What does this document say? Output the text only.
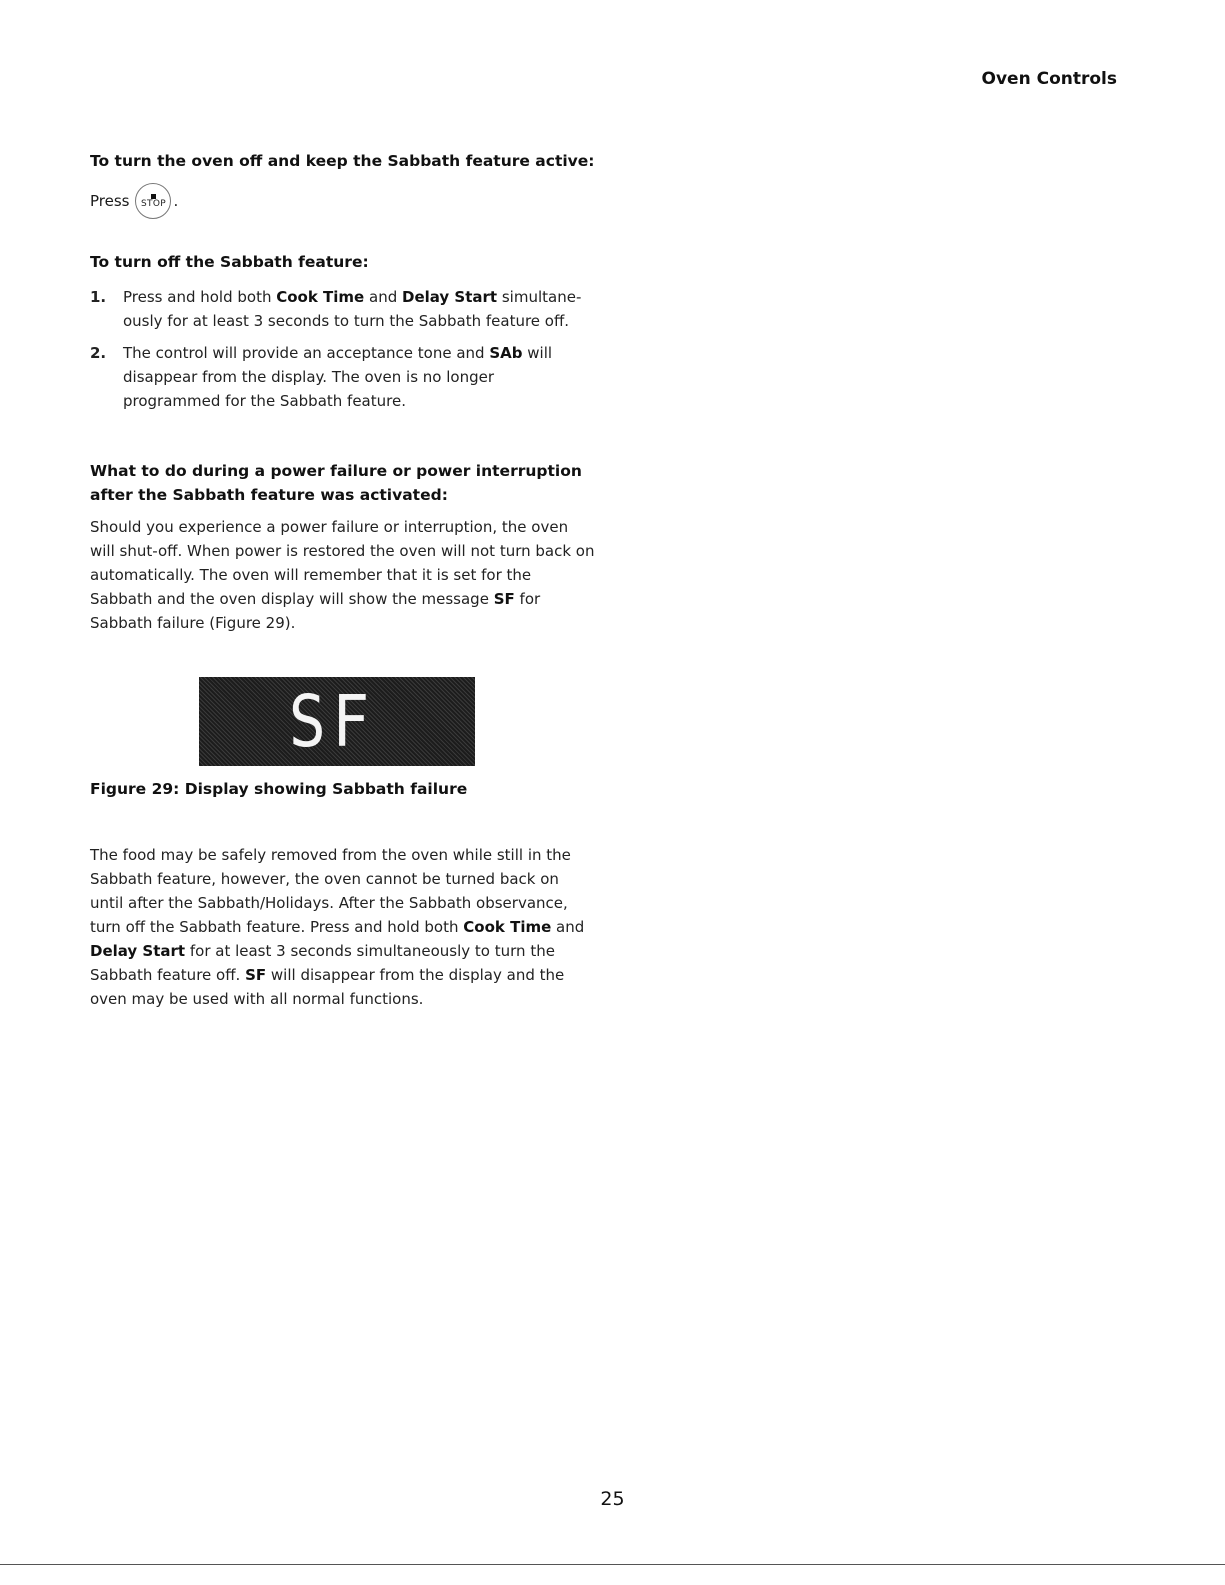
Oven Controls
To turn the oven off and keep the Sabbath feature active:
Press STOP .
To turn off the Sabbath feature:
1. Press and hold both Cook Time and Delay Start simultane-ously for at least 3 seconds to turn the Sabbath feature off.
2. The control will provide an acceptance tone and SAb will disappear from the display. The oven is no longer programmed for the Sabbath feature.
What to do during a power failure or power interruption after the Sabbath feature was activated:
Should you experience a power failure or interruption, the oven will shut-off. When power is restored the oven will not turn back on automatically. The oven will remember that it is set for the Sabbath and the oven display will show the message SF for Sabbath failure (Figure 29).
SF
Figure 29: Display showing Sabbath failure
The food may be safely removed from the oven while still in the Sabbath feature, however, the oven cannot be turned back on until after the Sabbath/Holidays. After the Sabbath observance, turn off the Sabbath feature. Press and hold both Cook Time and Delay Start for at least 3 seconds simultaneously to turn the Sabbath feature off. SF will disappear from the display and the oven may be used with all normal functions.
25
